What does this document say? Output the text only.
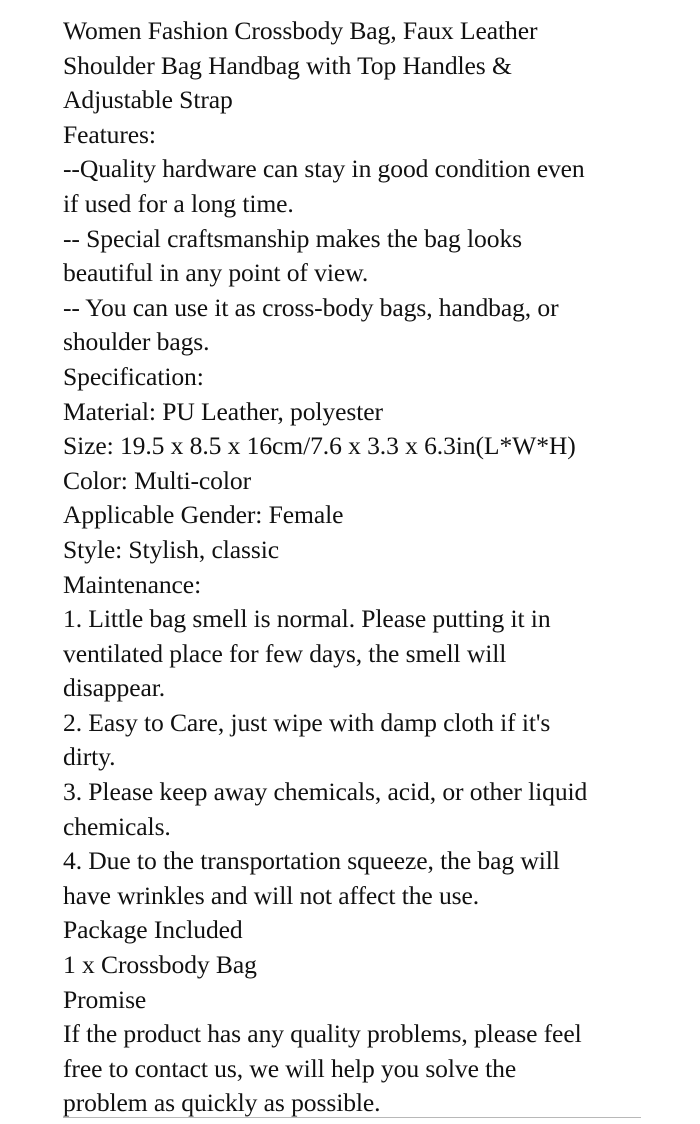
Women Fashion Crossbody Bag, Faux Leather
Shoulder Bag Handbag with Top Handles &
Adjustable Strap
Features:
--Quality hardware can stay in good condition even
if used for a long time.
-- Special craftsmanship makes the bag looks
beautiful in any point of view.
-- You can use it as cross-body bags, handbag, or
shoulder bags.
Specification:
Material: PU Leather, polyester
Size: 19.5 x 8.5 x 16cm/7.6 x 3.3 x 6.3in(L*W*H)
Color: Multi-color
Applicable Gender: Female
Style: Stylish, classic
Maintenance:
1. Little bag smell is normal. Please putting it in
ventilated place for few days, the smell will
disappear.
2. Easy to Care, just wipe with damp cloth if it's
dirty.
3. Please keep away chemicals, acid, or other liquid
chemicals.
4. Due to the transportation squeeze, the bag will
have wrinkles and will not affect the use.
Package Included
1 x Crossbody Bag
Promise
If the product has any quality problems, please feel
free to contact us, we will help you solve the
problem as quickly as possible.
